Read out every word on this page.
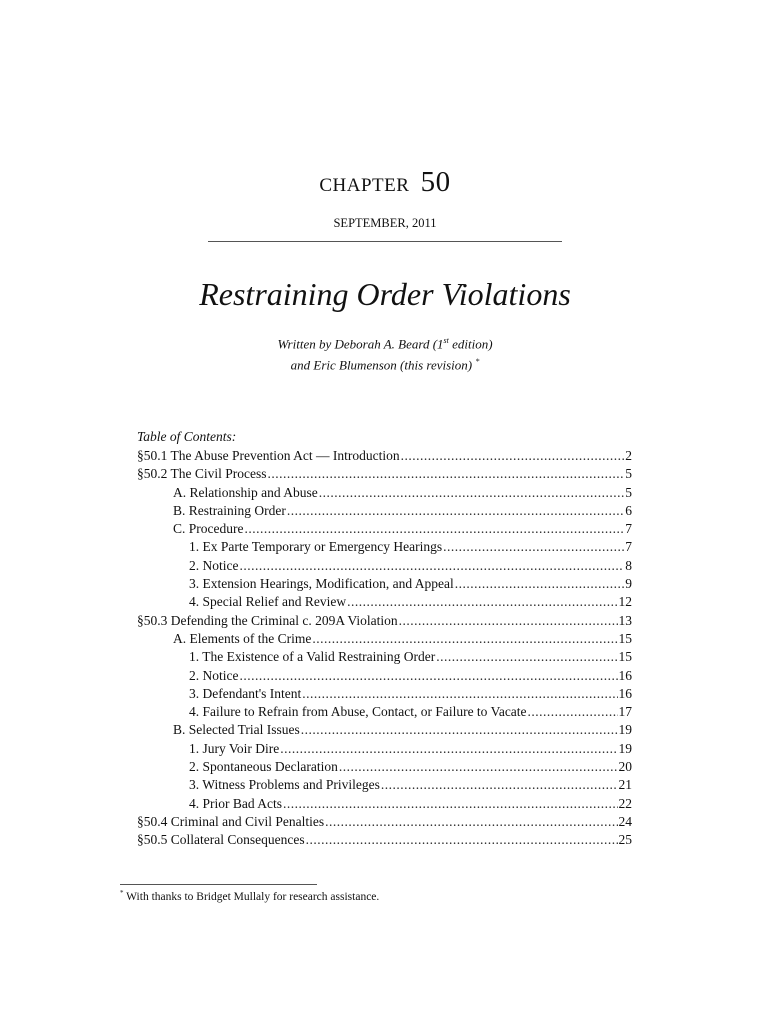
CHAPTER 50
SEPTEMBER, 2011
Restraining Order Violations
Written by Deborah A. Beard (1st edition)
and Eric Blumenson (this revision) *
Table of Contents:
§50.1 The Abuse Prevention Act — Introduction .....	2
§50.2 The Civil Process .....	5
A. Relationship and Abuse .....	5
B. Restraining Order .....	6
C. Procedure .....	7
1. Ex Parte Temporary or Emergency Hearings .....	7
2. Notice .....	8
3. Extension Hearings, Modification, and Appeal .....	9
4. Special Relief and Review .....	12
§50.3 Defending the Criminal c. 209A Violation .....	13
A. Elements of the Crime .....	15
1. The Existence of a Valid Restraining Order .....	15
2. Notice .....	16
3. Defendant's Intent .....	16
4. Failure to Refrain from Abuse, Contact, or Failure to Vacate .....	17
B. Selected Trial Issues .....	19
1. Jury Voir Dire .....	19
2. Spontaneous Declaration .....	20
3. Witness Problems and Privileges .....	21
4. Prior Bad Acts .....	22
§50.4 Criminal and Civil Penalties .....	24
§50.5 Collateral Consequences .....	25
* With thanks to Bridget Mullaly for research assistance.
